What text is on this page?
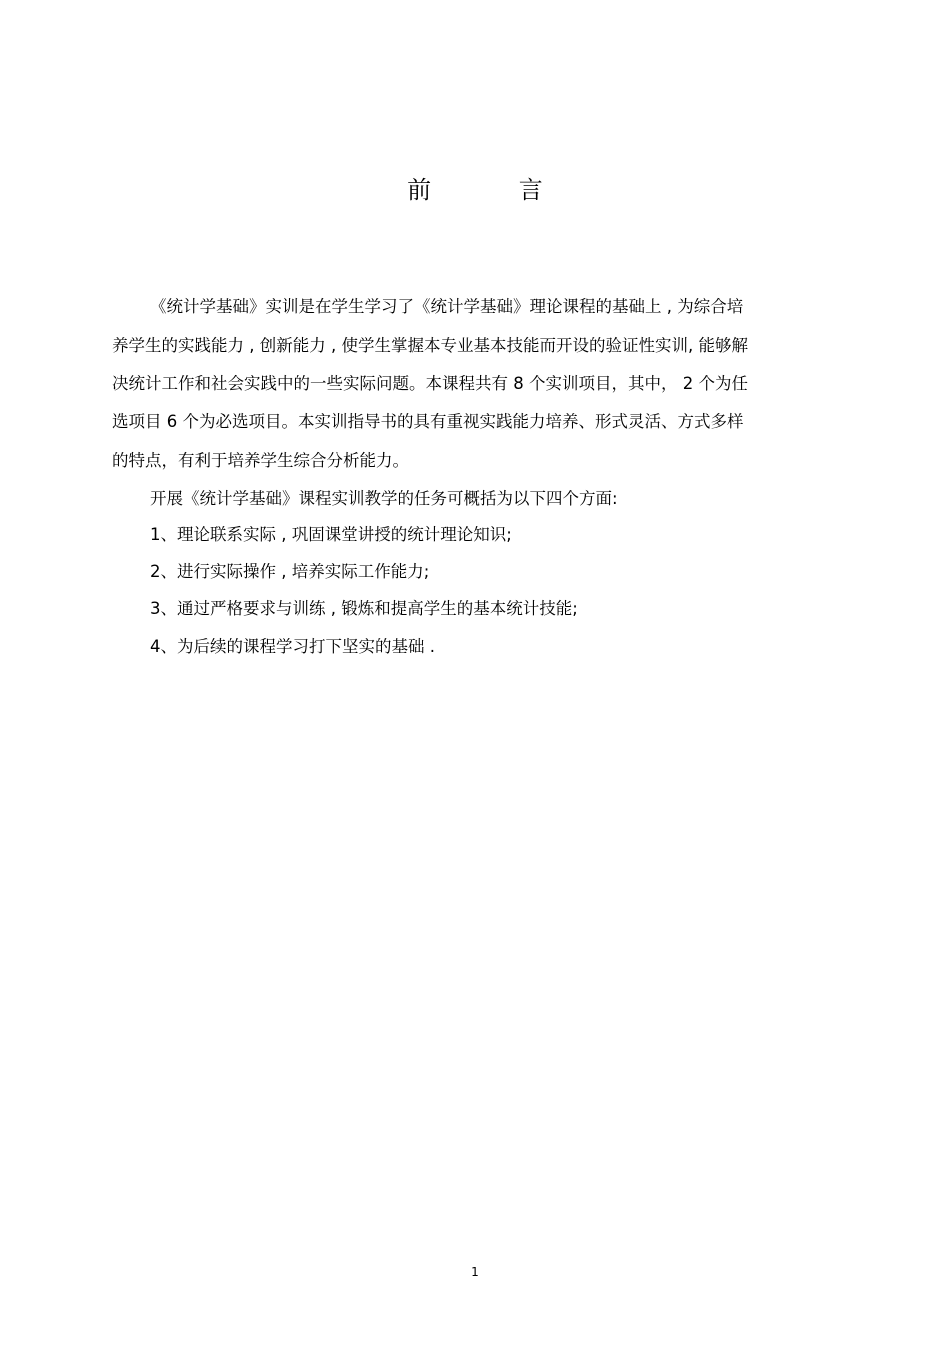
前 言
《统计学基础》实训是在学生学习了《统计学基础》理论课程的基础上 , 为综合培
养学生的实践能力 , 创新能力 , 使学生掌握本专业基本技能而开设的验证性实训, 能够解
决统计工作和社会实践中的一些实际问题。本课程共有 8 个实训项目，其中， 2 个为任
选项目 6 个为必选项目。本实训指导书的具有重视实践能力培养、形式灵活、方式多样
的特点，有利于培养学生综合分析能力。
开展《统计学基础》课程实训教学的任务可概括为以下四个方面:
1、理论联系实际 , 巩固课堂讲授的统计理论知识;
2、进行实际操作 , 培养实际工作能力;
3、通过严格要求与训练 , 锻炼和提高学生的基本统计技能;
4、为后续的课程学习打下坚实的基础 .
1
